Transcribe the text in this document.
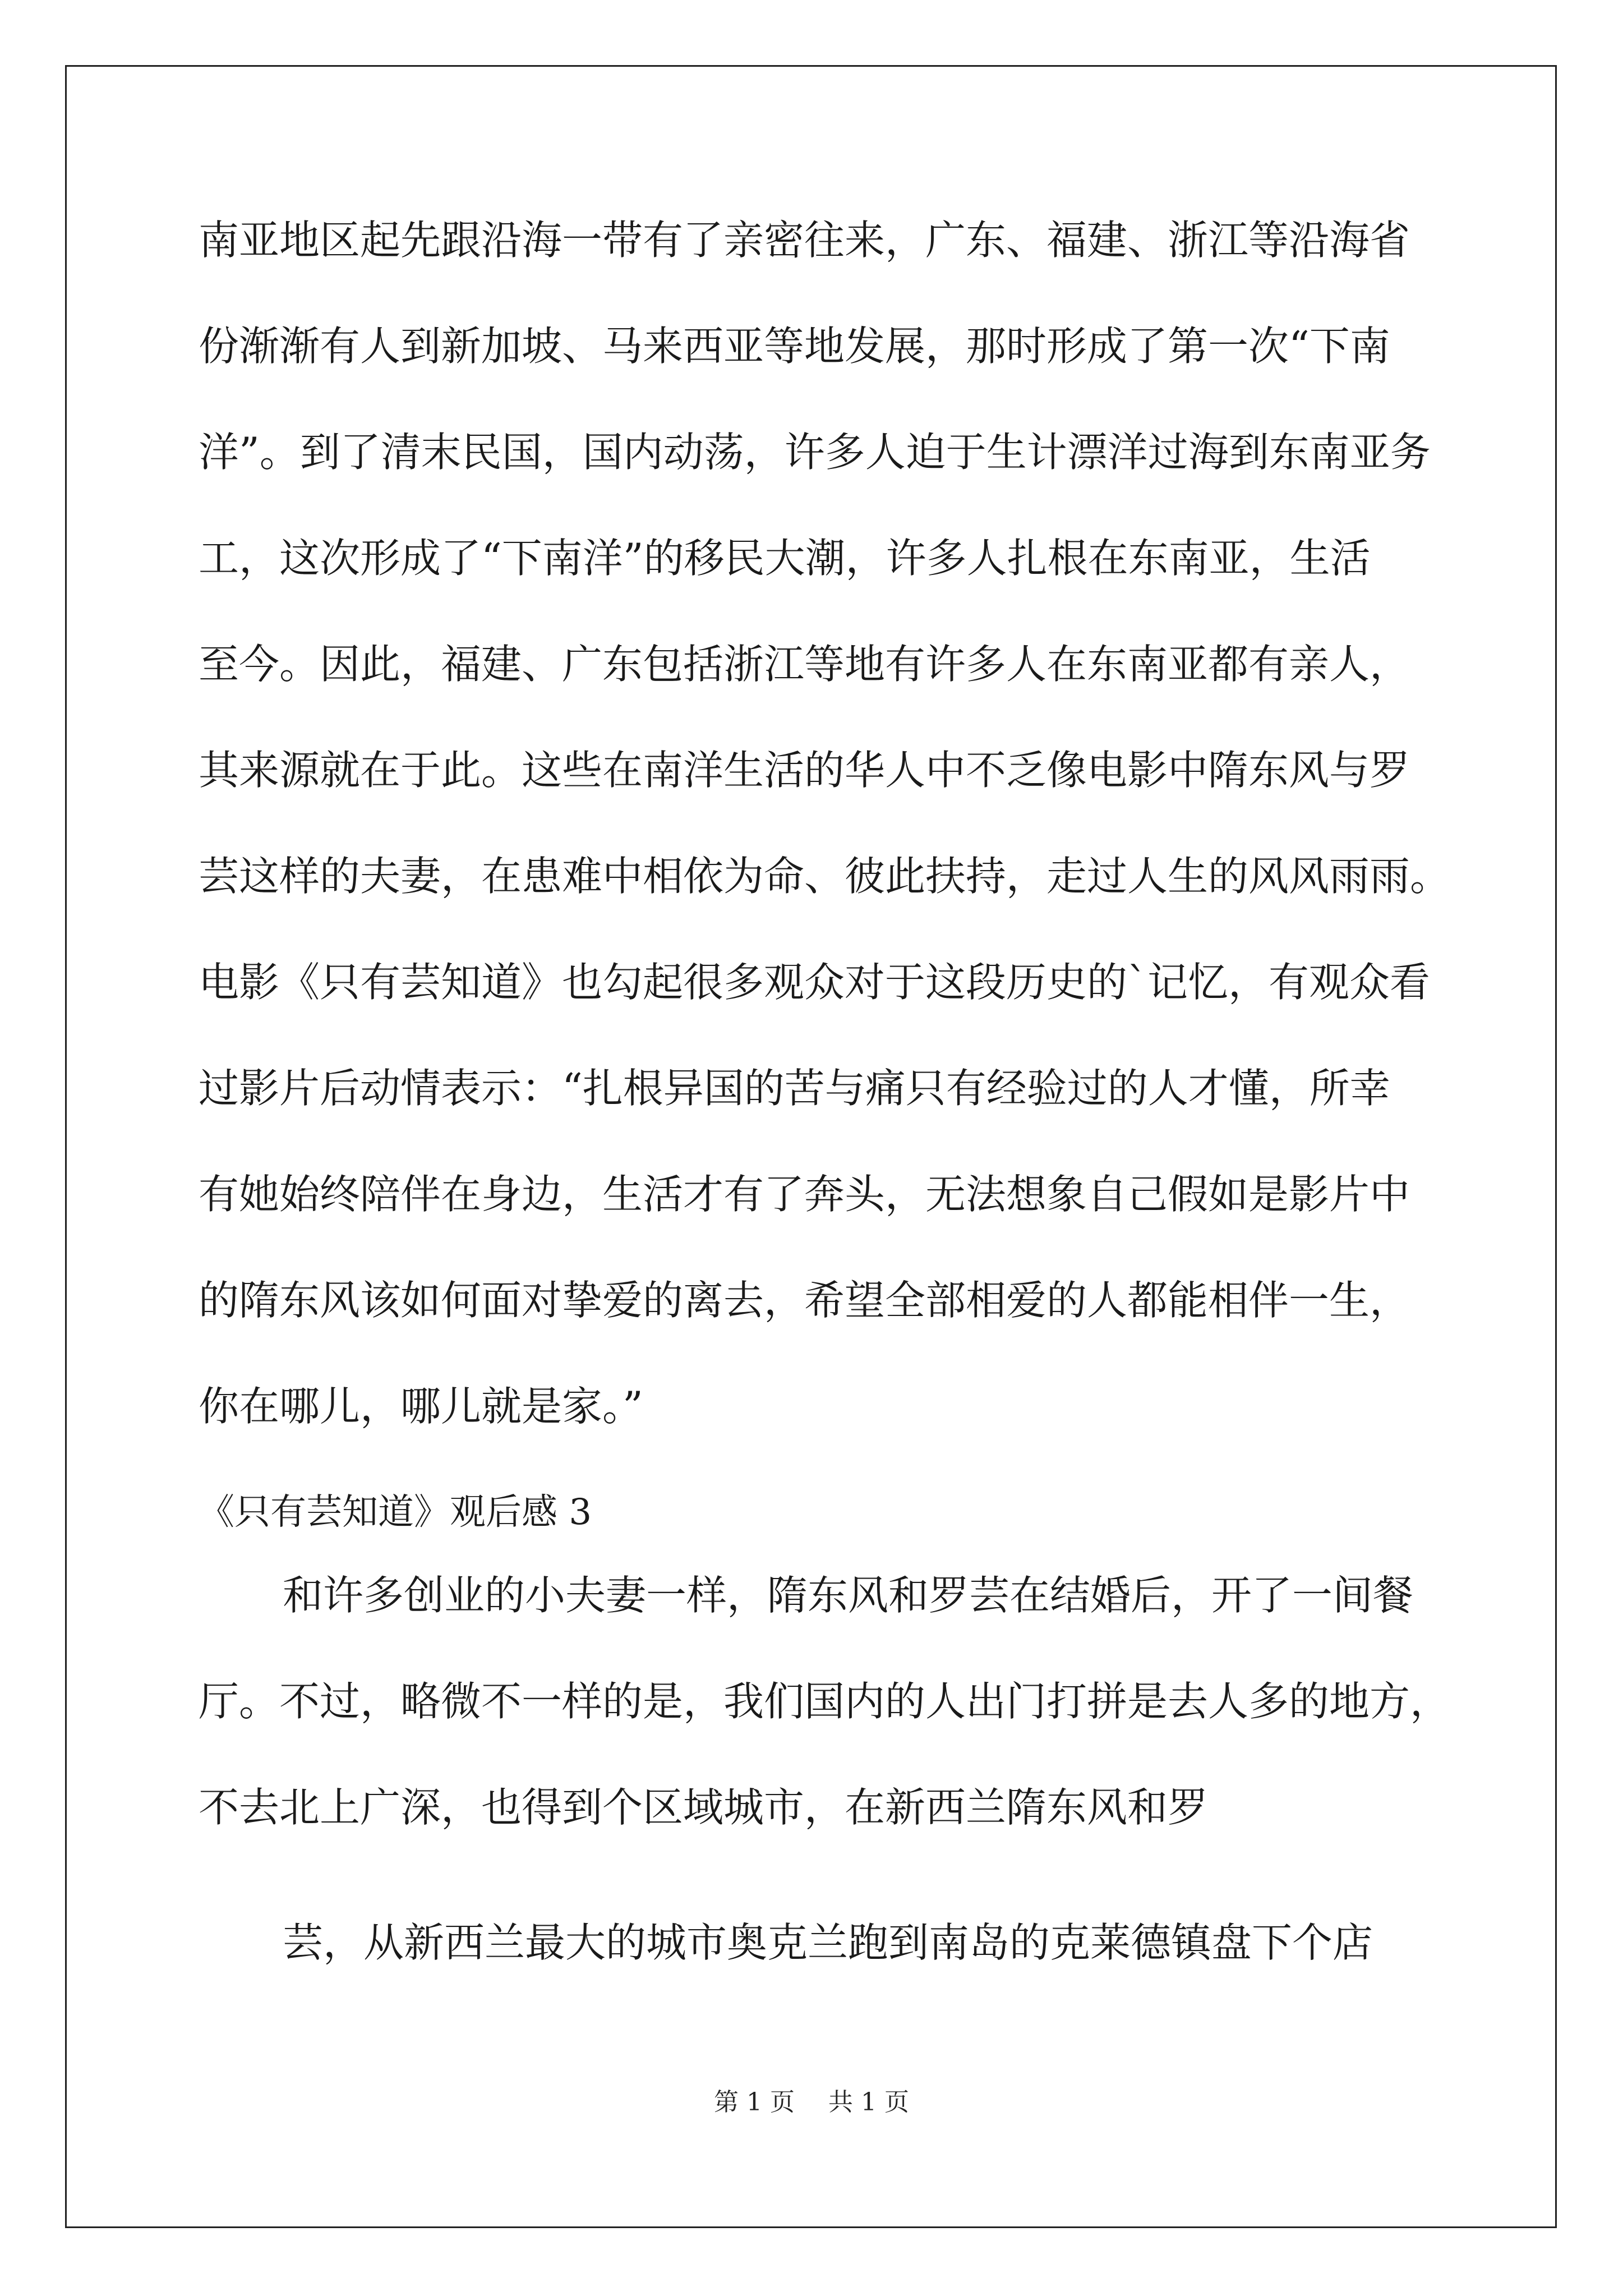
南亚地区起先跟沿海一带有了亲密往来，广东、福建、浙江等沿海省
份渐渐有人到新加坡、马来西亚等地发展，那时形成了第一次“下南
洋”。到了清末民国，国内动荡，许多人迫于生计漂洋过海到东南亚务
工，这次形成了“下南洋”的移民大潮，许多人扎根在东南亚，生活
至今。因此，福建、广东包括浙江等地有许多人在东南亚都有亲人，
其来源就在于此。这些在南洋生活的华人中不乏像电影中隋东风与罗
芸这样的夫妻，在患难中相依为命、彼此扶持，走过人生的风风雨雨。
电影《只有芸知道》也勾起很多观众对于这段历史的`记忆，有观众看
过影片后动情表示：“扎根异国的苦与痛只有经验过的人才懂，所幸
有她始终陪伴在身边，生活才有了奔头，无法想象自己假如是影片中
的隋东风该如何面对挚爱的离去，希望全部相爱的人都能相伴一生，
你在哪儿，哪儿就是家。”
《只有芸知道》观后感 3
和许多创业的小夫妻一样，隋东风和罗芸在结婚后，开了一间餐
厅。不过，略微不一样的是，我们国内的人出门打拼是去人多的地方，
不去北上广深，也得到个区域城市，在新西兰隋东风和罗
芸，从新西兰最大的城市奥克兰跑到南岛的克莱德镇盘下个店
第 1 页 共 1 页
